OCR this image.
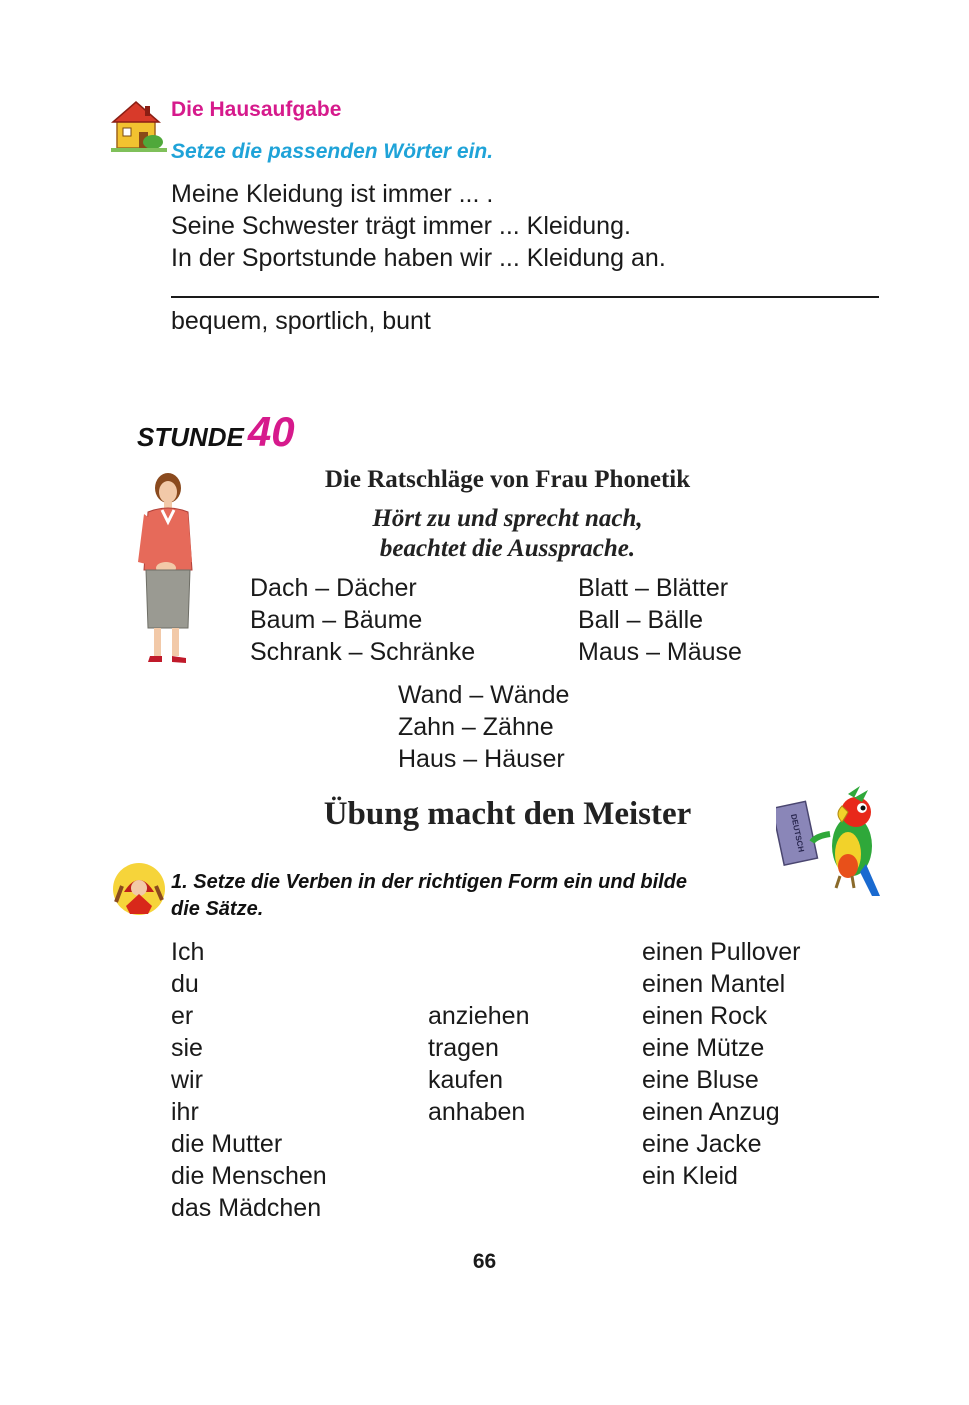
Die Hausaufgabe
Setze die passenden Wörter ein.
Meine Kleidung ist immer ... .
Seine Schwester trägt immer ... Kleidung.
In der Sportstunde haben wir ... Kleidung an.
bequem, sportlich, bunt
STUNDE40
Die Ratschläge von Frau Phonetik
Hört zu und sprecht nach,
beachtet die Aussprache.
Dach – Dächer
Baum – Bäume
Schrank – Schränke
Blatt – Blätter
Ball – Bälle
Maus – Mäuse
Wand – Wände
Zahn – Zähne
Haus – Häuser
Übung macht den Meister	DEUTSCH
1. Setze die Verben in der richtigen Form ein und bilde
die Sätze.
Ich
du
er
sie
wir
ihr
die Mutter
die Menschen
das Mädchen
anziehen
tragen
kaufen
anhaben
einen Pullover
einen Mantel
einen Rock
eine Mütze
eine Bluse
einen Anzug
eine Jacke
ein Kleid
66
